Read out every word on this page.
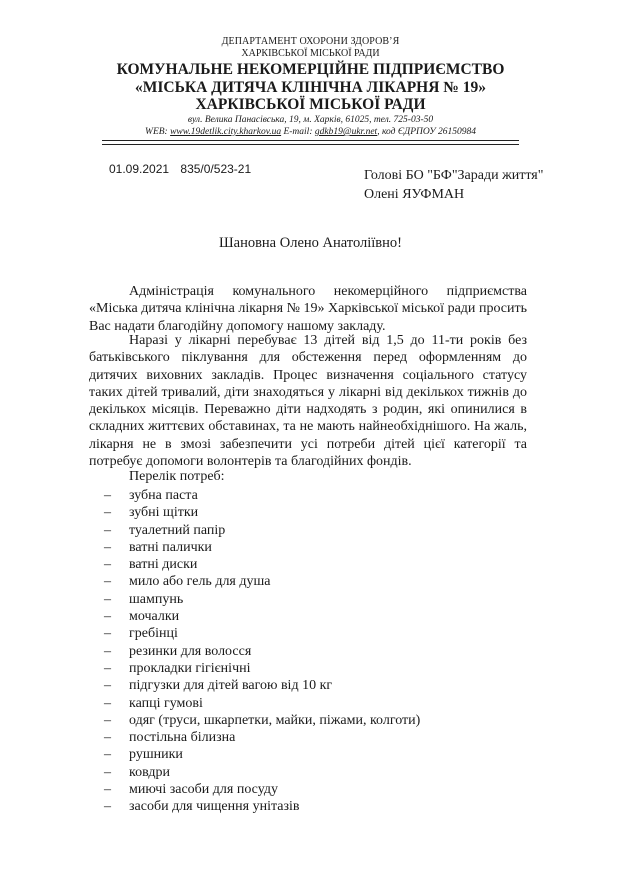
ДЕПАРТАМЕНТ ОХОРОНИ ЗДОРОВ’Я
ХАРКІВСЬКОЇ МІСЬКОЇ РАДИ
КОМУНАЛЬНЕ НЕКОМЕРЦІЙНЕ ПІДПРИЄМСТВО
«МІСЬКА ДИТЯЧА КЛІНІЧНА ЛІКАРНЯ № 19»
ХАРКІВСЬКОЇ МІСЬКОЇ РАДИ
вул. Велика Панасівська, 19, м. Харків, 61025, тел. 725-03-50
WEB: www.19detlik.city.kharkov.ua E-mail: gdkb19@ukr.net, код ЄДРПОУ 26150984
01.09.2021 835/0/523-21	Голові БО "БФ"Заради життя"
Олені ЯУФМАН
Шановна Олено Анатоліївно!

Адміністрація комунального некомерційного підприємства «Міська дитяча клінічна лікарня № 19» Харківської міської ради просить Вас надати благодійну допомогу нашому закладу.

Наразі у лікарні перебуває 13 дітей від 1,5 до 11-ти років без батьківського піклування для обстеження перед оформленням до дитячих виховних закладів. Процес визначення соціального статусу таких дітей тривалий, діти знаходяться у лікарні від декількох тижнів до декількох місяців. Переважно діти надходять з родин, які опинилися в складних життєвих обставинах, та не мають найнеобхіднішого. На жаль, лікарня не в змозі забезпечити усі потреби дітей цієї категорії та потребує допомоги волонтерів та благодійних фондів.

Перелік потреб:
– зубна паста
– зубні щітки
– туалетний папір
– ватні палички
– ватні диски
– мило або гель для душа
– шампунь
– мочалки
– гребінці
– резинки для волосся
– прокладки гігієнічні
– підгузки для дітей вагою від 10 кг
– капці гумові
– одяг (труси, шкарпетки, майки, піжами, колготи)
– постільна білизна
– рушники
– ковдри
– миючі засоби для посуду
– засоби для чищення унітазів
